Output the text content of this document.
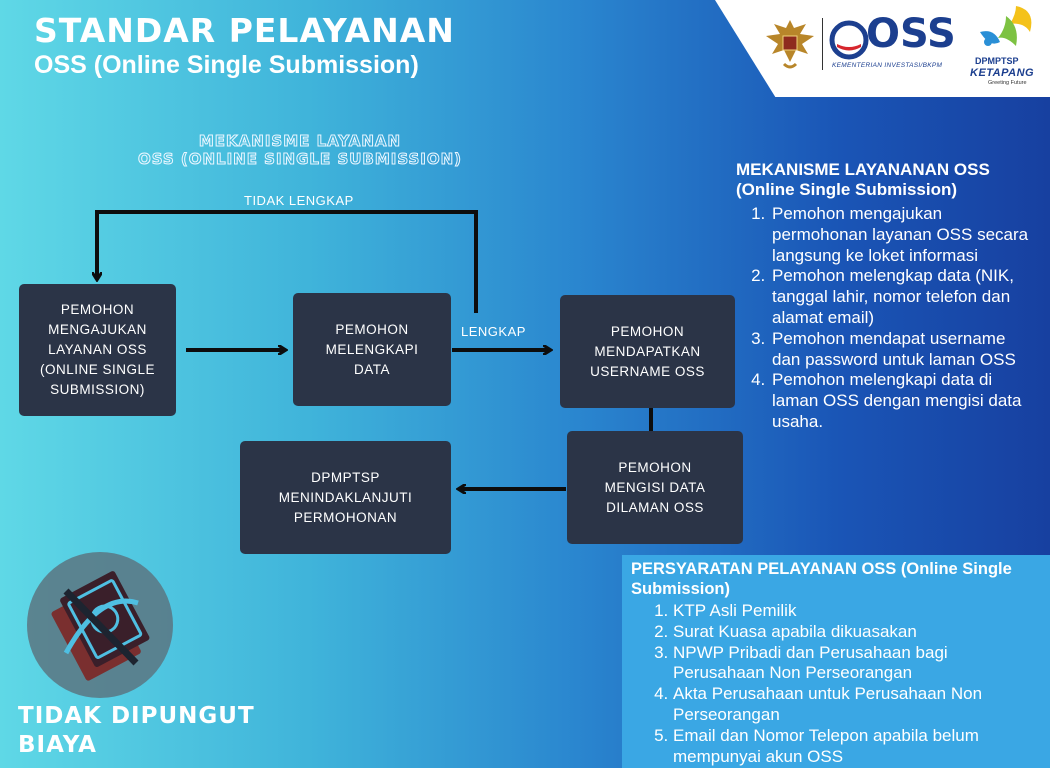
STANDAR PELAYANAN
OSS (Online Single Submission)
OSS
KEMENTERIAN INVESTASI/BKPM	DPMPTSP
KETAPANG
Greeting Future
MEKANISME LAYANAN
OSS (ONLINE SINGLE SUBMISSION)
TIDAK LENGKAP
LENGKAP
PEMOHON
MENGAJUKAN
LAYANAN OSS
(ONLINE SINGLE
SUBMISSION)
PEMOHON
MELENGKAPI
DATA
PEMOHON
MENDAPATKAN
USERNAME OSS
PEMOHON
MENGISI DATA
DILAMAN OSS
DPMPTSP
MENINDAKLANJUTI
PERMOHONAN
MEKANISME LAYANANAN OSS (Online Single Submission)
1. Pemohon mengajukan permohonan layanan OSS secara langsung ke loket informasi
2. Pemohon melengkap data (NIK, tanggal lahir, nomor telefon dan alamat email)
3. Pemohon mendapat username dan password untuk laman OSS
4. Pemohon melengkapi data di laman OSS dengan mengisi data usaha.
PERSYARATAN PELAYANAN OSS (Online Single Submission)
1. KTP Asli Pemilik
2. Surat Kuasa apabila dikuasakan
3. NPWP Pribadi dan Perusahaan bagi Perusahaan Non Perseorangan
4. Akta Perusahaan untuk Perusahaan Non Perseorangan
5. Email dan Nomor Telepon apabila belum mempunyai akun OSS
TIDAK DIPUNGUT
BIAYA
